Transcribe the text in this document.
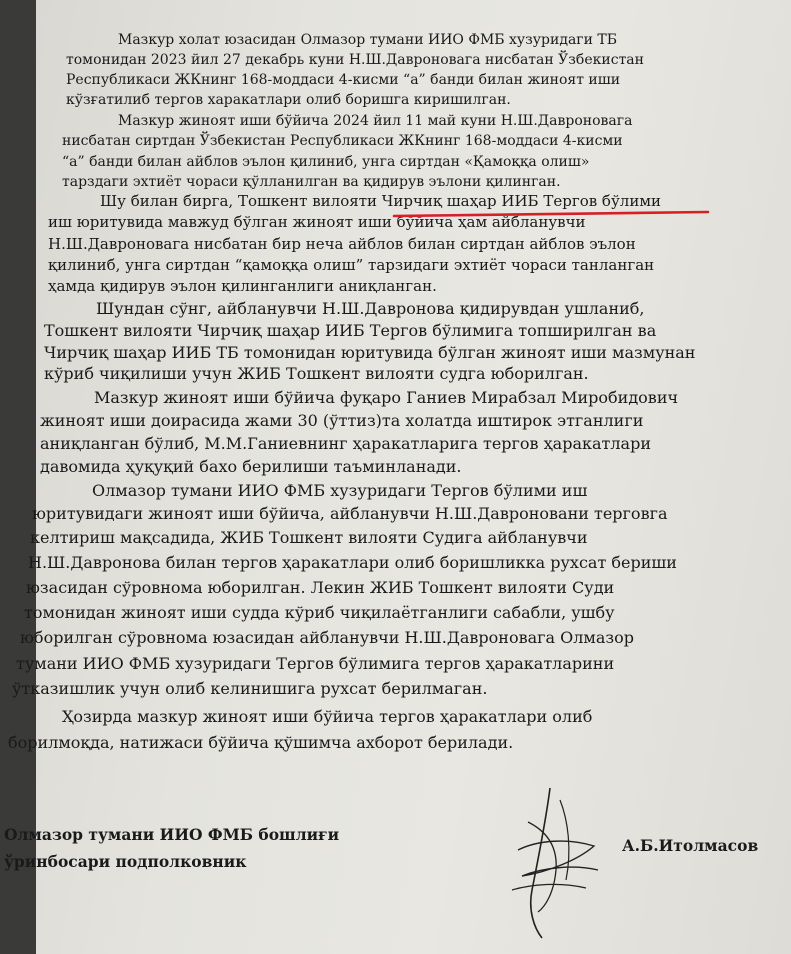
Мазкур холат юзасидан Олмазор тумани ИИО ФМБ хузуридаги ТБ
томонидан 2023 йил 27 декабрь куни Н.Ш.Давроновага нисбатан Ўзбекистан
Республикаси ЖКнинг 168-моддаси 4-кисми “а” банди билан жиноят иши
кўзғатилиб тергов харакатлари олиб боришга киришилган.
Мазкур жиноят иши бўйича 2024 йил 11 май куни Н.Ш.Давроновага
нисбатан сиртдан Ўзбекистан Республикаси ЖКнинг 168-моддаси 4-кисми
“а” банди билан айблов эълон қилиниб, унга сиртдан «Қамоққа олиш»
тарздаги эхтиёт чораси қўлланилган ва қидирув эълони қилинган.
Шу билан бирга, Тошкент вилояти Чирчиқ шаҳар ИИБ Тергов бўлими
иш юритувида мавжуд бўлган жиноят иши бўйича ҳам айбланувчи
Н.Ш.Давроновага нисбатан бир неча айблов билан сиртдан айблов эълон
қилиниб, унга сиртдан “қамоққа олиш” тарзидаги эхтиёт чораси танланган
ҳамда қидирув эълон қилинганлиги аниқланган.
Шундан сўнг, айбланувчи Н.Ш.Давронова қидирувдан ушланиб,
Тошкент вилояти Чирчиқ шаҳар ИИБ Тергов бўлимига топширилган ва
Чирчиқ шаҳар ИИБ ТБ томонидан юритувида бўлган жиноят иши мазмунан
кўриб чиқилиши учун ЖИБ Тошкент вилояти судга юборилган.
Мазкур жиноят иши бўйича фуқаро Ганиев Мирабзал Миробидович
жиноят иши доирасида жами 30 (ўттиз)та холатда иштирок этганлиги
аниқланган бўлиб, М.М.Ганиевнинг ҳаракатларига тергов ҳаракатлари
давомида ҳуқуқий бахо берилиши таъминланади.
Олмазор тумани ИИО ФМБ хузуридаги Тергов бўлими иш
юритувидаги жиноят иши бўйича, айбланувчи Н.Ш.Давроновани терговга
келтириш мақсадида, ЖИБ Тошкент вилояти Судига айбланувчи
Н.Ш.Давронова билан тергов ҳаракатлари олиб боришликка рухсат бериши
юзасидан сўровнома юборилган. Лекин ЖИБ Тошкент вилояти Суди
томонидан жиноят иши судда кўриб чиқилаётганлиги сабабли, ушбу
юборилган сўровнома юзасидан айбланувчи Н.Ш.Давроновага Олмазор
тумани ИИО ФМБ хузуридаги Тергов бўлимига тергов ҳаракатларини
ўтказишлик учун олиб келинишига рухсат берилмаган.
Ҳозирда мазкур жиноят иши бўйича тергов ҳаракатлари олиб
борилмоқда, натижаси бўйича қўшимча ахборот берилади.
Олмазор тумани ИИО ФМБ бошлиғи
ўринбосари подполковник
А.Б.Итолмасов
